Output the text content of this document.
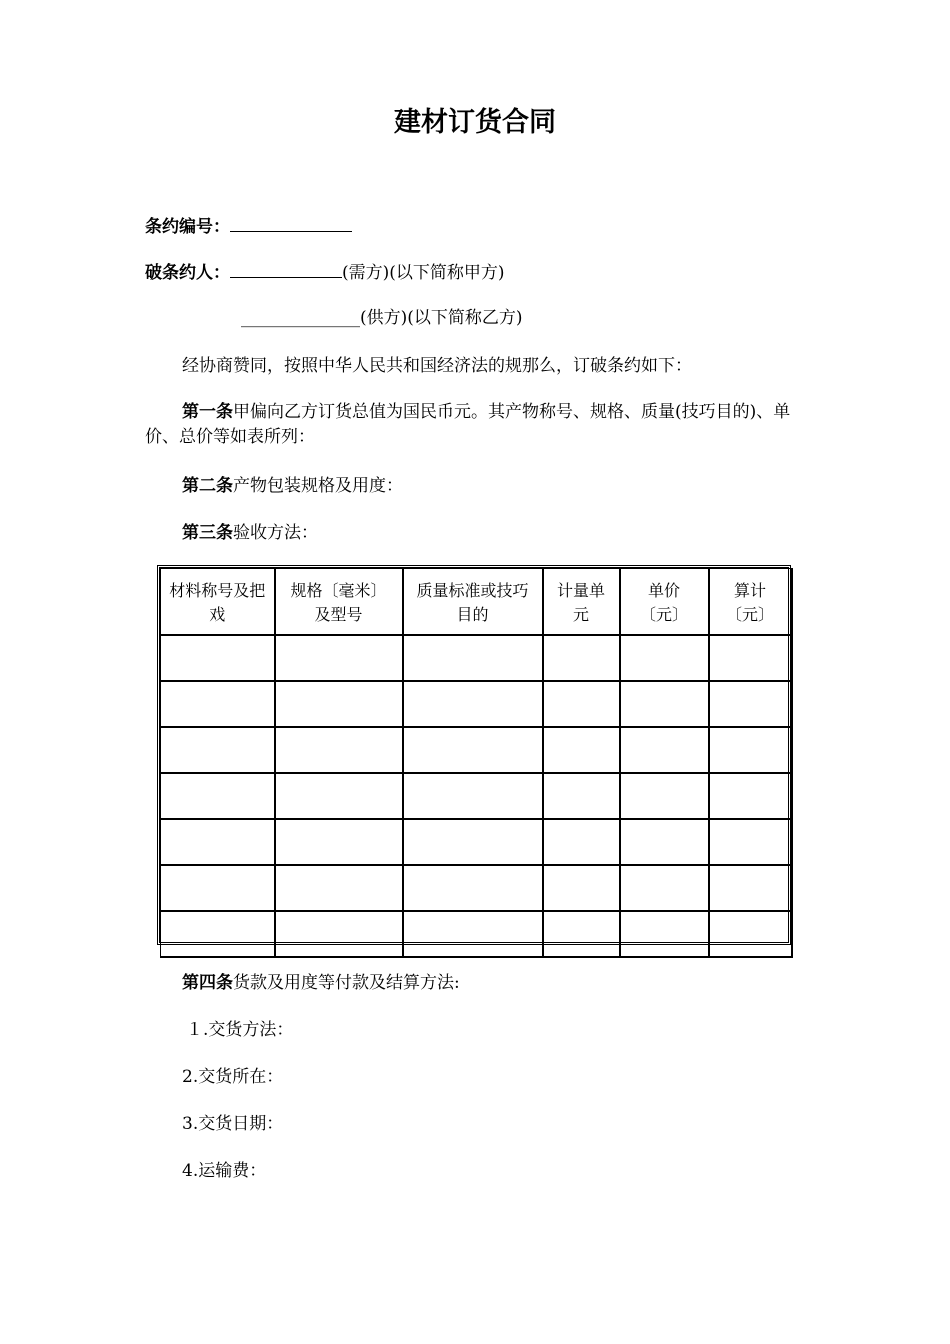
建材订货合同
条约编号：
破条约人：	(需方)(以下简称甲方)
______________(供方)(以下简称乙方)
经协商赞同，按照中华人民共和国经济法的规那么，订破条约如下：
第一条甲偏向乙方订货总值为国民币元。其产物称号、规格、质量(技巧目的)、单价、总价等如表所列：
第二条产物包装规格及用度：
第三条验收方法：
材料称号及把戏	规格〔毫米〕及型号	质量标准或技巧目的	计量单元	单价〔元〕	算计〔元〕

第四条货款及用度等付款及结算方法:
１.交货方法：
2.交货所在：
3.交货日期：
4.运输费：
